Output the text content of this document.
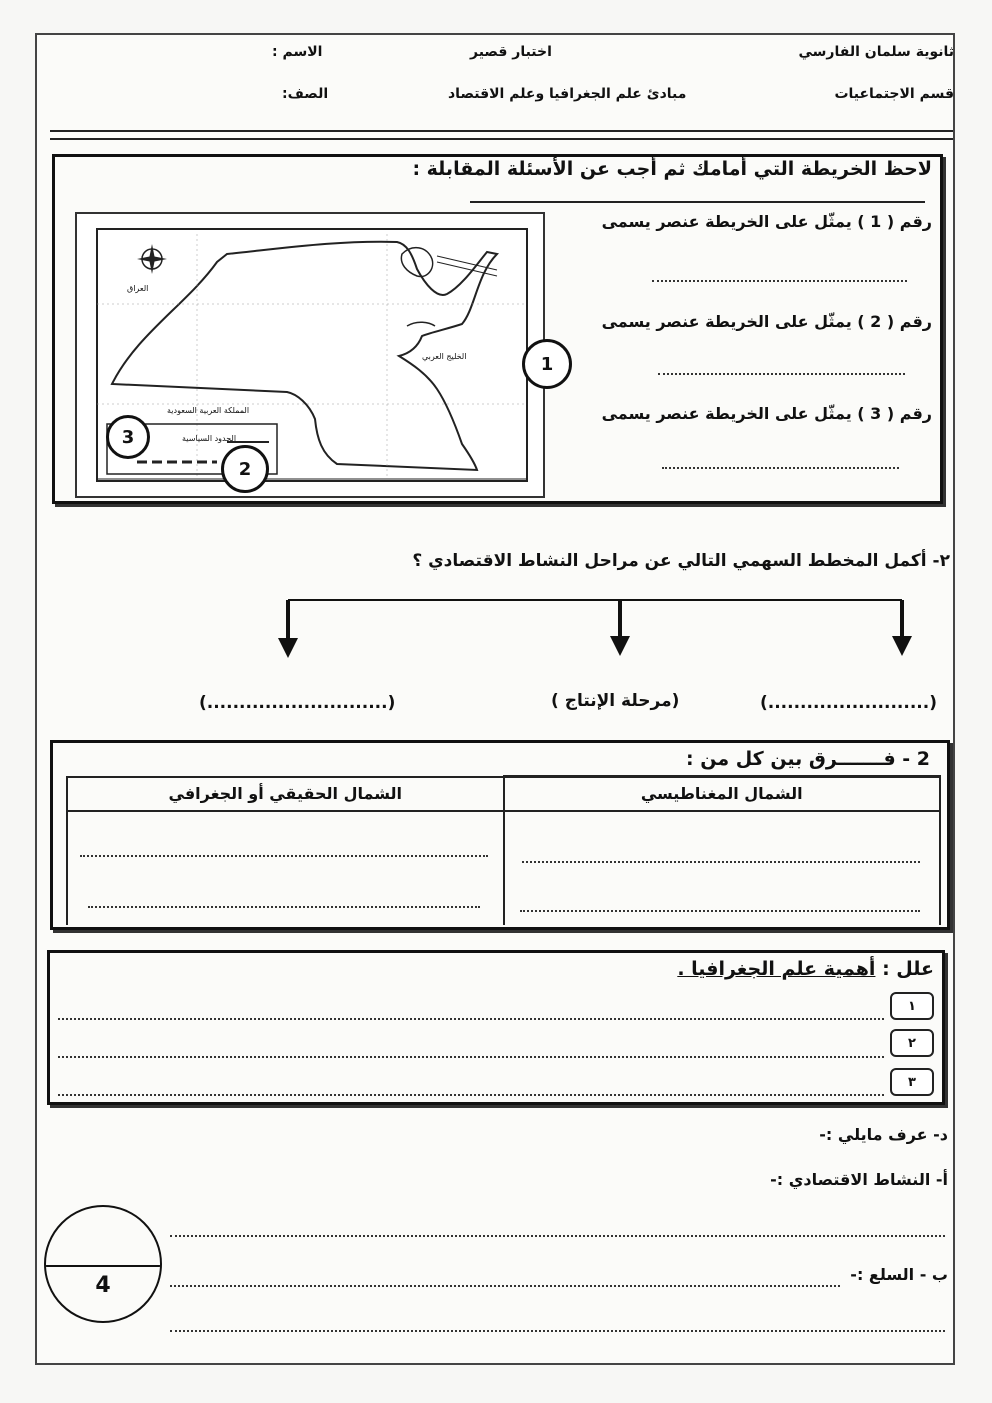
ثانوية سلمان الفارسي
قسم الاجتماعيات
اختبار قصير
مبادئ علم الجغرافيا وعلم الاقتصاد
الاسم :
الصف:
لاحظ الخريطة التي أمامك ثم أجب عن الأسئلة المقابلة :
الخليج العربي
العراق
المملكة العربية السعودية
الحدود السياسية
1
2
3
رقم ( 1 ) يمثّل على الخريطة عنصر يسمى
رقم ( 2 ) يمثّل على الخريطة عنصر يسمى
رقم ( 3 ) يمثّل على الخريطة عنصر يسمى
٢- أكمل المخطط السهمي التالي عن مراحل النشاط الاقتصادي ؟
(.........................)
(مرحلة الإنتاج )
(............................)
2 - فـــــــرق بين كل من :
الشمال الحقيقي أو الجغرافي	الشمال المغناطيسي

علل : أهمية علم الجغرافيا .
١
٢
٣
د- عرف مايلي :-
أ- النشاط الاقتصادي :-
ب - السلع :-
4
